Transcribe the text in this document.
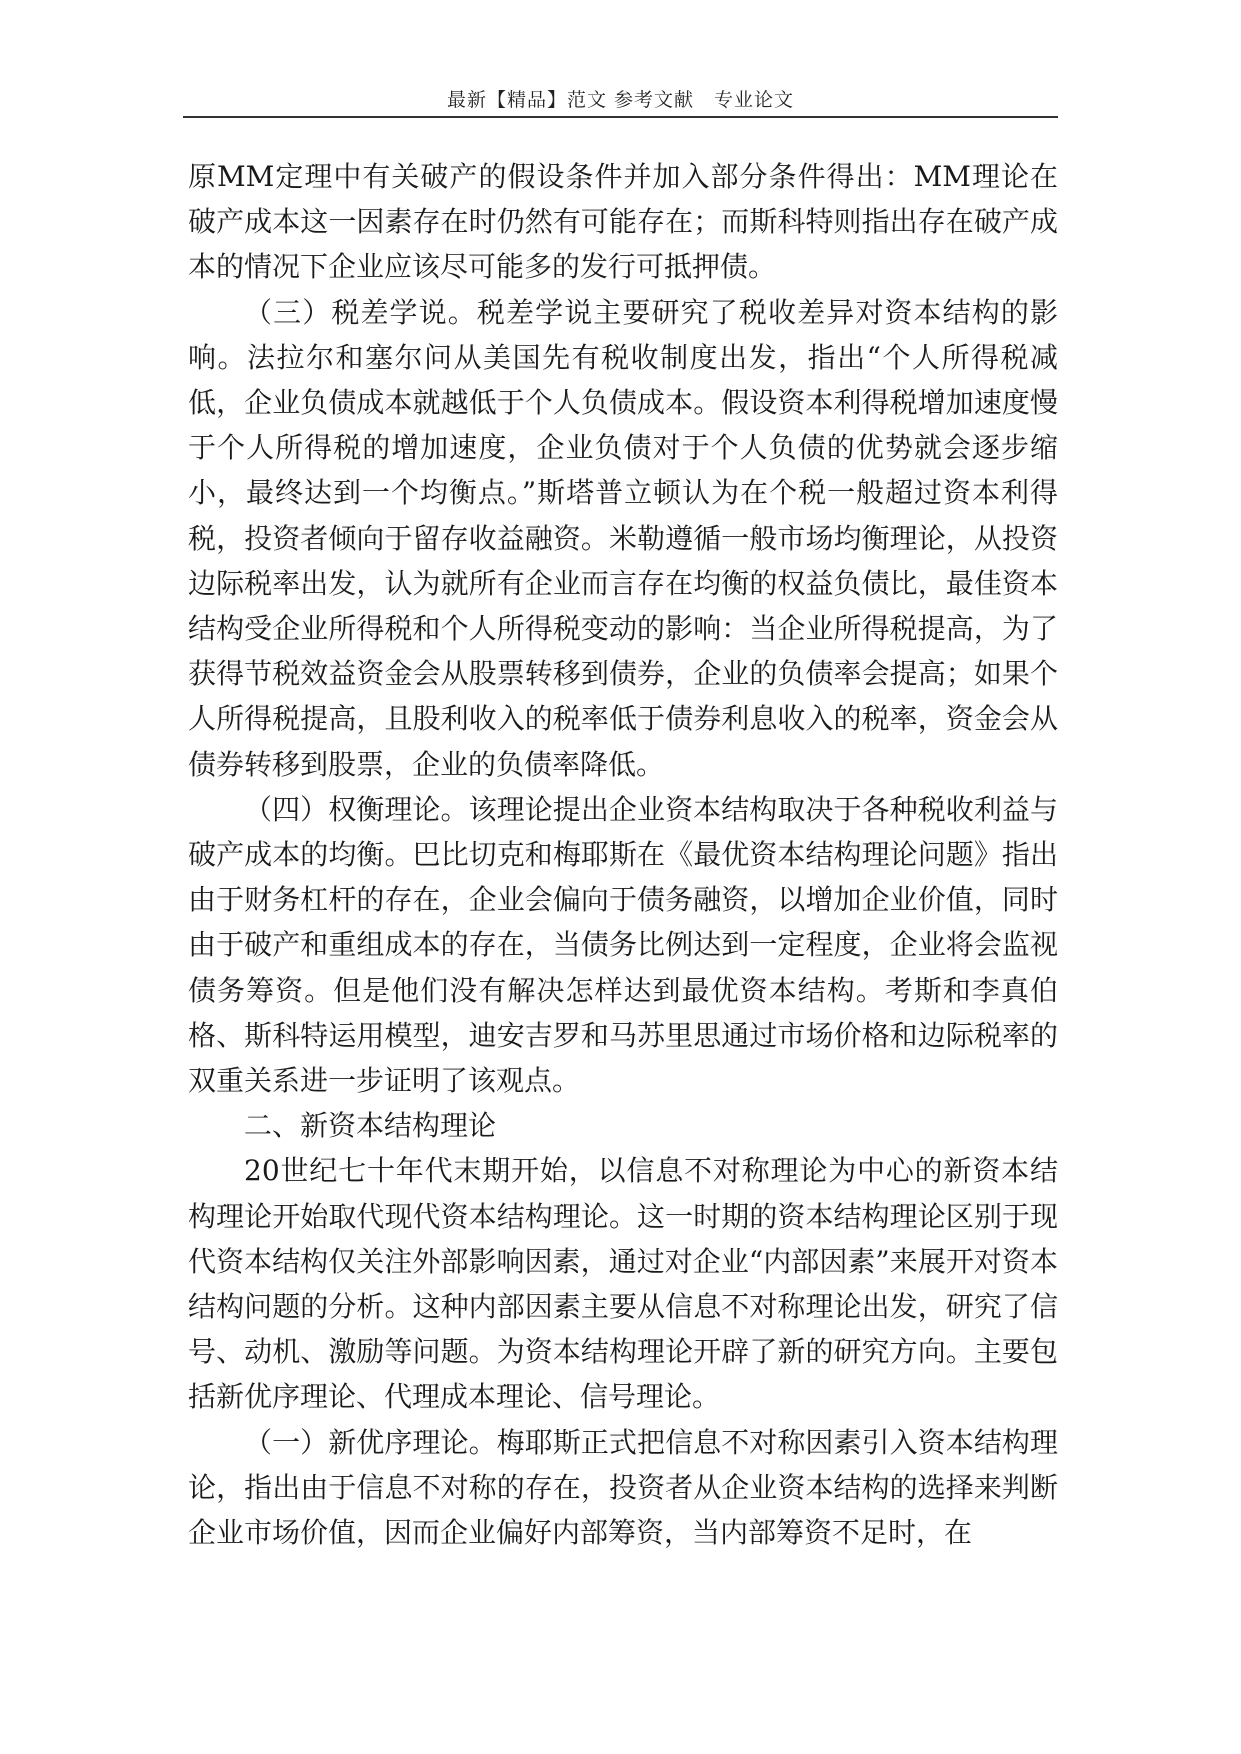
最新【精品】范文 参考文献　专业论文

原MM定理中有关破产的假设条件并加入部分条件得出：MM理论在破产成本这一因素存在时仍然有可能存在；而斯科特则指出存在破产成本的情况下企业应该尽可能多的发行可抵押债。

（三）税差学说。税差学说主要研究了税收差异对资本结构的影响。法拉尔和塞尔问从美国先有税收制度出发，指出“个人所得税减低，企业负债成本就越低于个人负债成本。假设资本利得税增加速度慢于个人所得税的增加速度，企业负债对于个人负债的优势就会逐步缩小，最终达到一个均衡点。”斯塔普立顿认为在个税一般超过资本利得税，投资者倾向于留存收益融资。米勒遵循一般市场均衡理论，从投资边际税率出发，认为就所有企业而言存在均衡的权益负债比，最佳资本结构受企业所得税和个人所得税变动的影响：当企业所得税提高，为了获得节税效益资金会从股票转移到债券，企业的负债率会提高；如果个人所得税提高，且股利收入的税率低于债券利息收入的税率，资金会从债券转移到股票，企业的负债率降低。

（四）权衡理论。该理论提出企业资本结构取决于各种税收利益与破产成本的均衡。巴比切克和梅耶斯在《最优资本结构理论问题》指出由于财务杠杆的存在，企业会偏向于债务融资，以增加企业价值，同时由于破产和重组成本的存在，当债务比例达到一定程度，企业将会监视债务筹资。但是他们没有解决怎样达到最优资本结构。考斯和李真伯格、斯科特运用模型，迪安吉罗和马苏里思通过市场价格和边际税率的双重关系进一步证明了该观点。

二、新资本结构理论

20世纪七十年代末期开始，以信息不对称理论为中心的新资本结构理论开始取代现代资本结构理论。这一时期的资本结构理论区别于现代资本结构仅关注外部影响因素，通过对企业“内部因素”来展开对资本结构问题的分析。这种内部因素主要从信息不对称理论出发，研究了信号、动机、激励等问题。为资本结构理论开辟了新的研究方向。主要包括新优序理论、代理成本理论、信号理论。

（一）新优序理论。梅耶斯正式把信息不对称因素引入资本结构理论，指出由于信息不对称的存在，投资者从企业资本结构的选择来判断企业市场价值，因而企业偏好内部筹资，当内部筹资不足时，在
